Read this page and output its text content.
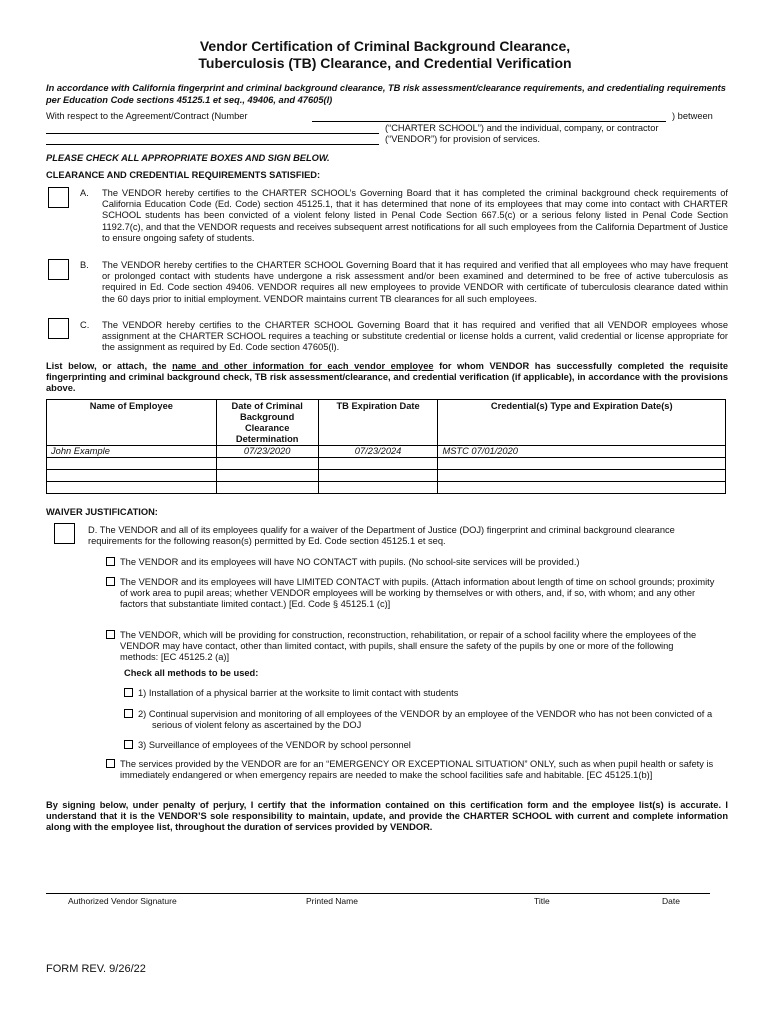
Vendor Certification of Criminal Background Clearance,
Tuberculosis (TB) Clearance, and Credential Verification
In accordance with California fingerprint and criminal background clearance, TB risk assessment/clearance requirements, and credentialing requirements per Education Code sections 45125.1 et seq., 49406, and 47605(l)
With respect to the Agreement/Contract (Number	) between
(“CHARTER SCHOOL”) and the individual, company, or contractor
(“VENDOR”) for provision of services.
PLEASE CHECK ALL APPROPRIATE BOXES AND SIGN BELOW.
CLEARANCE AND CREDENTIAL REQUIREMENTS SATISFIED:
A. The VENDOR hereby certifies to the CHARTER SCHOOL’s Governing Board that it has completed the criminal background check requirements of California Education Code (Ed. Code) section 45125.1, that it has determined that none of its employees that may come into contact with CHARTER SCHOOL students has been convicted of a violent felony listed in Penal Code Section 667.5(c) or a serious felony listed in Penal Code Section 1192.7(c), and that the VENDOR requests and receives subsequent arrest notifications for all such employees from the California Department of Justice to ensure ongoing safety of students.
B. The VENDOR hereby certifies to the CHARTER SCHOOL Governing Board that it has required and verified that all employees who may have frequent or prolonged contact with students have undergone a risk assessment and/or been examined and determined to be free of active tuberculosis as required in Ed. Code section 49406. VENDOR requires all new employees to provide VENDOR with certificate of tuberculosis clearance dated within the 60 days prior to initial employment. VENDOR maintains current TB clearances for all such employees.
C. The VENDOR hereby certifies to the CHARTER SCHOOL Governing Board that it has required and verified that all VENDOR employees whose assignment at the CHARTER SCHOOL requires a teaching or substitute credential or license holds a current, valid credential or license appropriate for the assignment as required by Ed. Code section 47605(l).
List below, or attach, the name and other information for each vendor employee for whom VENDOR has successfully completed the requisite fingerprinting and criminal background check, TB risk assessment/clearance, and credential verification (if applicable), in accordance with the provisions above.
Name of Employee	Date of Criminal Background Clearance Determination	TB Expiration Date	Credential(s) Type and Expiration Date(s)
John Example	07/23/2020	07/23/2024	MSTC 07/01/2020

WAIVER JUSTIFICATION:
D. The VENDOR and all of its employees qualify for a waiver of the Department of Justice (DOJ) fingerprint and criminal background clearance requirements for the following reason(s) permitted by Ed. Code section 45125.1 et seq.
The VENDOR and its employees will have NO CONTACT with pupils. (No school-site services will be provided.)
The VENDOR and its employees will have LIMITED CONTACT with pupils. (Attach information about length of time on school grounds; proximity of work area to pupil areas; whether VENDOR employees will be working by themselves or with others, and, if so, with whom; and any other factors that substantiate limited contact.) [Ed. Code § 45125.1 (c)]
The VENDOR, which will be providing for construction, reconstruction, rehabilitation, or repair of a school facility where the employees of the VENDOR may have contact, other than limited contact, with pupils, shall ensure the safety of the pupils by one or more of the following methods: [EC 45125.2 (a)]
Check all methods to be used:
1) Installation of a physical barrier at the worksite to limit contact with students
2) Continual supervision and monitoring of all employees of the VENDOR by an employee of the VENDOR who has not been convicted of a serious of violent felony as ascertained by the DOJ
3) Surveillance of employees of the VENDOR by school personnel
The services provided by the VENDOR are for an “EMERGENCY OR EXCEPTIONAL SITUATION” ONLY, such as when pupil health or safety is immediately endangered or when emergency repairs are needed to make the school facilities safe and habitable. [EC 45125.1(b)]
By signing below, under penalty of perjury, I certify that the information contained on this certification form and the employee list(s) is accurate. I understand that it is the VENDOR’S sole responsibility to maintain, update, and provide the CHARTER SCHOOL with current and complete information along with the employee list, throughout the duration of services provided by VENDOR.
Authorized Vendor Signature	Printed Name	Title	Date
FORM REV. 9/26/22
